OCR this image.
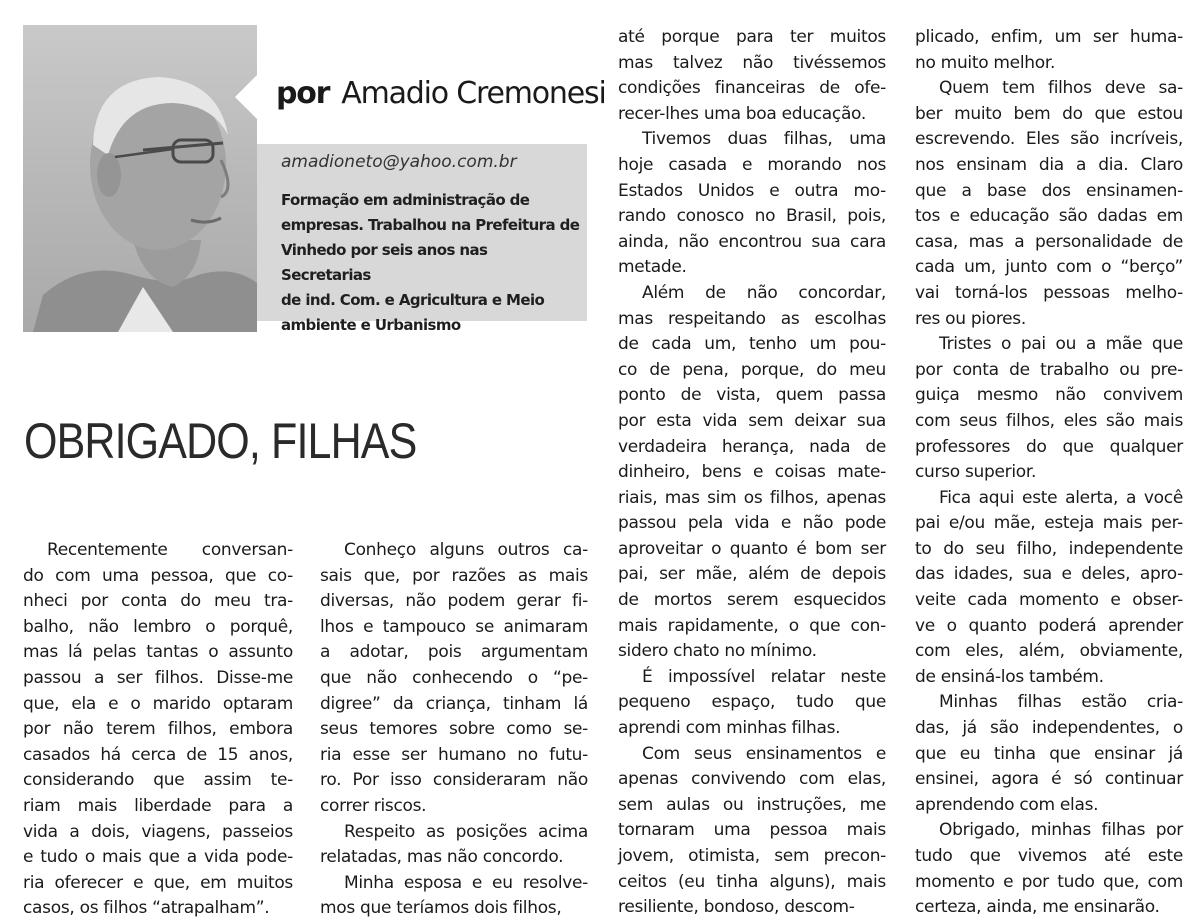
por Amadio Cremonesi
amadioneto@yahoo.com.br
Formação em administração de
empresas. Trabalhou na Prefeitura de
Vinhedo por seis anos nas Secretarias
de ind. Com. e Agricultura e Meio
ambiente e Urbanismo
OBRIGADO, FILHAS
Recentemente conversan-
do com uma pessoa, que co-
nheci por conta do meu tra-
balho, não lembro o porquê,
mas lá pelas tantas o assunto
passou a ser filhos. Disse-me
que, ela e o marido optaram
por não terem filhos, embora
casados há cerca de 15 anos,
considerando que assim te-
riam mais liberdade para a
vida a dois, viagens, passeios
e tudo o mais que a vida pode-
ria oferecer e que, em muitos
casos, os filhos “atrapalham”.
Conheço alguns outros ca-
sais que, por razões as mais
diversas, não podem gerar fi-
lhos e tampouco se animaram
a adotar, pois argumentam
que não conhecendo o “pe-
digree” da criança, tinham lá
seus temores sobre como se-
ria esse ser humano no futu-
ro. Por isso consideraram não
correr riscos.
Respeito as posições acima
relatadas, mas não concordo.
Minha esposa e eu resolve-
mos que teríamos dois filhos,
até porque para ter muitos
mas talvez não tivéssemos
condições financeiras de ofe-
recer-lhes uma boa educação.
Tivemos duas filhas, uma
hoje casada e morando nos
Estados Unidos e outra mo-
rando conosco no Brasil, pois,
ainda, não encontrou sua cara
metade.
Além de não concordar,
mas respeitando as escolhas
de cada um, tenho um pou-
co de pena, porque, do meu
ponto de vista, quem passa
por esta vida sem deixar sua
verdadeira herança, nada de
dinheiro, bens e coisas mate-
riais, mas sim os filhos, apenas
passou pela vida e não pode
aproveitar o quanto é bom ser
pai, ser mãe, além de depois
de mortos serem esquecidos
mais rapidamente, o que con-
sidero chato no mínimo.
É impossível relatar neste
pequeno espaço, tudo que
aprendi com minhas filhas.
Com seus ensinamentos e
apenas convivendo com elas,
sem aulas ou instruções, me
tornaram uma pessoa mais
jovem, otimista, sem precon-
ceitos (eu tinha alguns), mais
resiliente, bondoso, descom-
plicado, enfim, um ser huma-
no muito melhor.
Quem tem filhos deve sa-
ber muito bem do que estou
escrevendo. Eles são incríveis,
nos ensinam dia a dia. Claro
que a base dos ensinamen-
tos e educação são dadas em
casa, mas a personalidade de
cada um, junto com o “berço”
vai torná-los pessoas melho-
res ou piores.
Tristes o pai ou a mãe que
por conta de trabalho ou pre-
guiça mesmo não convivem
com seus filhos, eles são mais
professores do que qualquer
curso superior.
Fica aqui este alerta, a você
pai e/ou mãe, esteja mais per-
to do seu filho, independente
das idades, sua e deles, apro-
veite cada momento e obser-
ve o quanto poderá aprender
com eles, além, obviamente,
de ensiná-los também.
Minhas filhas estão cria-
das, já são independentes, o
que eu tinha que ensinar já
ensinei, agora é só continuar
aprendendo com elas.
Obrigado, minhas filhas por
tudo que vivemos até este
momento e por tudo que, com
certeza, ainda, me ensinarão.
